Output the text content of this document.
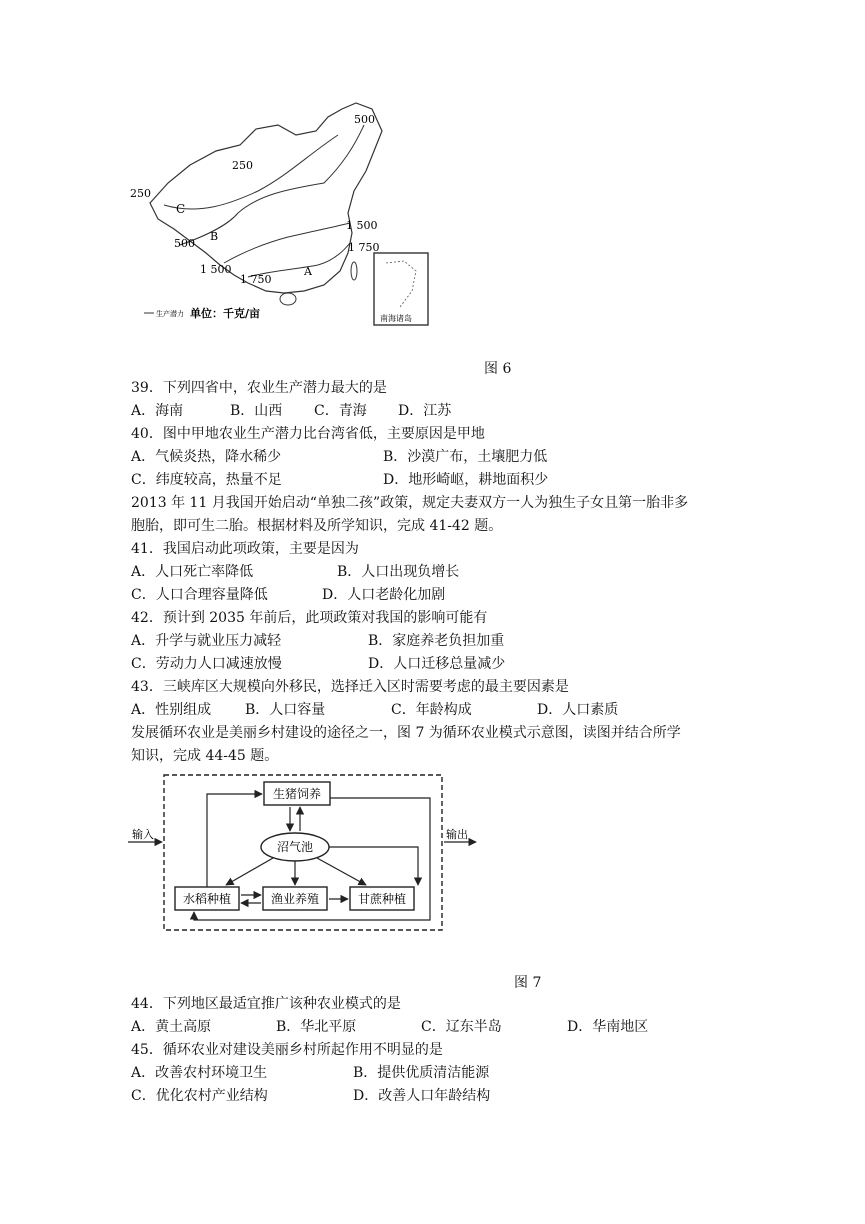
C
B
A
250
250
500
500
1 500
1 500
1 750
1 750
生产潜力 单位：千克/亩	南海诸岛
图 6
39．下列四省中，农业生产潜力最大的是
A．海南	B．山西 C．青海 D．江苏
40．图中甲地农业生产潜力比台湾省低，主要原因是甲地
A．气候炎热，降水稀少	B．沙漠广布，土壤肥力低
C．纬度较高，热量不足	D．地形崎岖，耕地面积少
2013 年 11 月我国开始启动“单独二孩”政策，规定夫妻双方一人为独生子女且第一胎非多
胞胎，即可生二胎。根据材料及所学知识，完成 41-42 题。
41．我国启动此项政策，主要是因为
A．人口死亡率降低	B．人口出现负增长
C．人口合理容量降低	D．人口老龄化加剧
42．预计到 2035 年前后，此项政策对我国的影响可能有
A．升学与就业压力减轻	B．家庭养老负担加重
C．劳动力人口减速放慢	D．人口迁移总量减少
43．三峡库区大规模向外移民，选择迁入区时需要考虑的最主要因素是
A．性别组成 B．人口容量	C．年龄构成	D．人口素质
发展循环农业是美丽乡村建设的途径之一，图 7 为循环农业模式示意图，读图并结合所学
知识，完成 44-45 题。
生猪饲养
沼气池
水稻种植	渔业养殖	甘蔗种植
输入	输出
图 7
44．下列地区最适宜推广该种农业模式的是
A．黄土高原	B．华北平原	C．辽东半岛	D．华南地区
45．循环农业对建设美丽乡村所起作用不明显的是
A．改善农村环境卫生	B．提供优质清洁能源
C．优化农村产业结构	D．改善人口年龄结构
